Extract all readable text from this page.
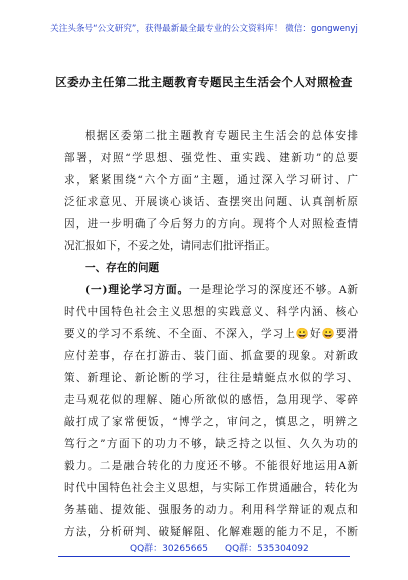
关注头条号“公文研究”，获得最新最全最专业的公文资料库！ 微信：gongwenyj
区委办主任第二批主题教育专题民主生活会个人对照检查
根据区委第二批主题教育专题民主生活会的总体安排
部署，对照“学思想、强党性、重实践、建新功”的总要
求，紧紧围绕“六个方面”主题，通过深入学习研讨、广
泛征求意见、开展谈心谈话、查摆突出问题、认真剖析原
因，进一步明确了今后努力的方向。现将个人对照检查情
况汇报如下，不妥之处，请同志们批评指正。
一、存在的问题
(一)理论学习方面。一是理论学习的深度还不够。A新
时代中国特色社会主义思想的实践意义、科学内涵、核心
要义的学习不系统、不全面、不深入，学习上😀好😀要滑
应付差事，存在打游击、装门面、抓盒要的现象。对新政
策、新理论、新论断的学习，往往是蜻蜓点水似的学习、
走马观花似的理解、随心所欲似的感悟，急用现学、零碎
敲打成了家常便饭，“博学之，审问之，慎思之，明辨之
笃行之”方面下的功力不够，缺乏持之以恒、久久为功的
毅力。二是融合转化的力度还不够。不能很好地运用A新
时代中国特色社会主义思想，与实际工作贯通融合，转化为
务基础、提效能、强服务的动力。利用科学辩证的观点和
方法，分析研判、破疑解阻、化解难题的能力不足，不断
QQ群：30265665 QQ群：535304092
